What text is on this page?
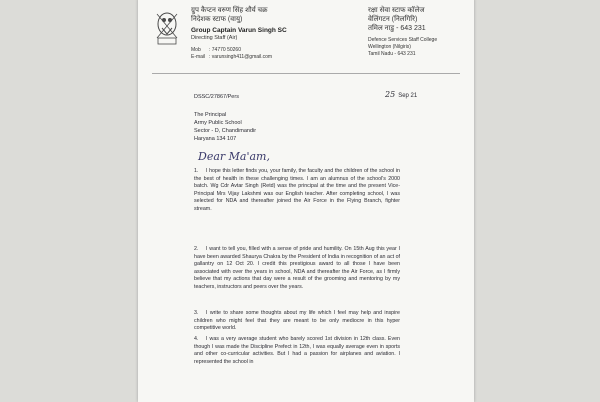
ग्रुप कैप्टन वरुण सिंह शौर्य चक्र
निदेशक स्टाफ (वायु)
Group Captain Varun Singh SC
Directing Staff (Air)
Mob : 74770 50260
E-mail : varunsingh411@gmail.com
रक्षा सेवा स्टाफ कॉलेज
वेलिंगटन (निलगिरि)
तमिल नाडु - 643 231
Defence Services Staff College
Wellington (Nilgiris)
Tamil Nadu - 643 231
DSSC/27867/Pers	25 Sep 21
The Principal
Army Public School
Sector - D, Chandimandir
Haryana 134 107
Dear Ma'am,
1. I hope this letter finds you, your family, the faculty and the children of the school in the best of health in these challenging times. I am an alumnus of the school's 2000 batch. Wg Cdr Avtar Singh (Retd) was the principal at the time and the present Vice-Principal Mrs Vijay Lakshmi was our English teacher. After completing school, I was selected for NDA and thereafter joined the Air Force in the Flying Branch, fighter stream.
2. I want to tell you, filled with a sense of pride and humility. On 15th Aug this year I have been awarded Shaurya Chakra by the President of India in recognition of an act of gallantry on 12 Oct 20. I credit this prestigious award to all those I have been associated with over the years in school, NDA and thereafter the Air Force, as I firmly believe that my actions that day were a result of the grooming and mentoring by my teachers, instructors and peers over the years.
3. I write to share some thoughts about my life which I feel may help and inspire children who might feel that they are meant to be only mediocre in this hyper competitive world.
4. I was a very average student who barely scored 1st division in 12th class. Even though I was made the Discipline Prefect in 12th, I was equally average even in sports and other co-curricular activities. But I had a passion for airplanes and aviation. I represented the school in
